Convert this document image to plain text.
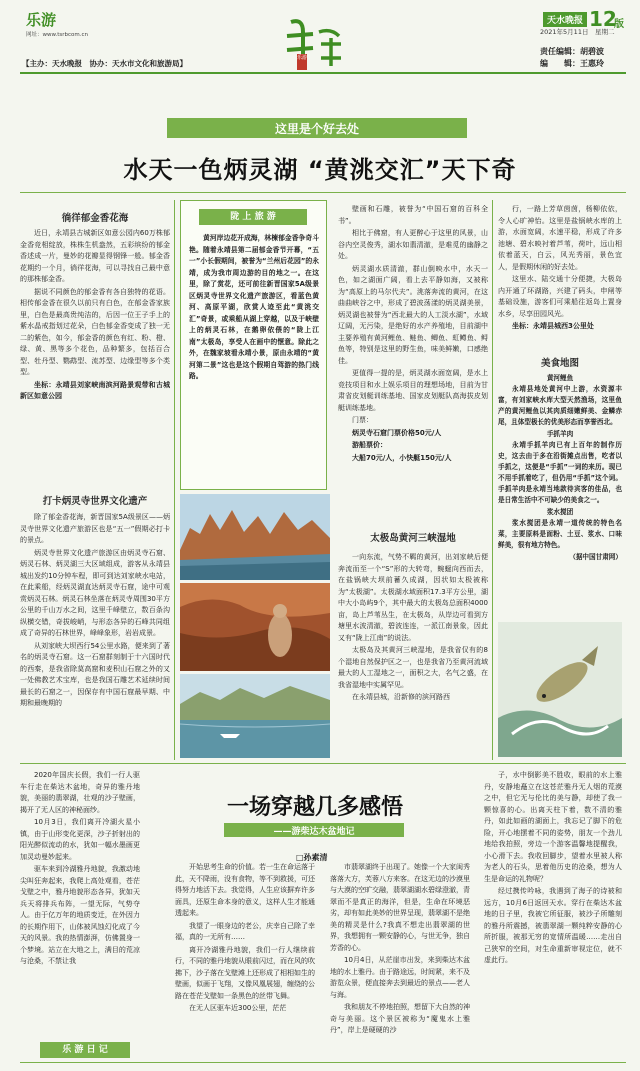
乐游
网址：www.tsrbcom.cn
【主办：天水晚报　协办：天水市文化和旅游局】
乐游
天水晚报 12
版
2021年5月11日　星期二
责任编辑：胡碧波
编　　辑：王惠玲
这里是个好去处
水天一色炳灵湖 “黄洮交汇”天下奇
徜徉郁金香花海

近日，永靖县古城新区如意公园内60万株郁金香竞相绽放，株株生机盎然，五彩缤纷的郁金香述成一片，曼妙的花瓣显得钢锋一般。郁金香花期约一个月，徜徉花海，可以寻找自己最中意的那株郁金香。

据说不同颜色的郁金香有各自独特的花语。相传郁金香在很久以前只有白色，在郁金香家族里，白色是最高贵纯洁的，后因一位王子手上的紫水晶戒指划过花朵，白色郁金香变成了独一无二的紫色，如今，郁金香的颜色有红、粉、橙、绿、黄、黑等多个花色，品种繁多，包括百合型、牡丹型、鹦鹉型、流苏型、边缘型等多个类型。

坐标：永靖县刘家峡南滨河路景观带和古城新区如意公园

打卡炳灵寺世界文化遗产

除了郁金香花海，新晋国家5A级景区——炳灵寺世界文化遗产旅游区也是“五一”假期必打卡的景点。

炳灵寺世界文化遗产旅游区由炳灵寺石窟、炳灵石林、炳灵湖三大区域组成，游客从永靖县城出发约10分钟车程，即可到达刘家峡水电站，在此乘船，经炳灵湖直达炳灵寺石窟，途中可观赏炳灵石林。炳灵石林坐落在炳灵寺周围30平方公里的千山万水之间，这里千峰壁立，数百条沟纵横交错，奇拔峻峭，与形态各异的石峰共同组成了奇异的石林世界，峰峰象形，岩岩成景。

从刘家峡大坝西行54公里水路，便来到了著名的炳灵寺石窟。这一石窟群刻制于十六国时代的西秦，是我省除莫高窟和麦积山石窟之外的又一处佛教艺术宝库，也是我国石雕艺术延续时间最长的石窟之一，因保存有中国石窟最早期、中期和最晚期的

陇 上 旅 游

黄河岸边花开成海，林楝郁金香争奇斗艳。随着永靖县第二届郁金香节开幕，“五一”小长假期间，被誉为“兰州后花园”的永靖，成为我市周边游的目的地之一。在这里，除了赏花，还可前往新晋国家5A级景区炳灵寺世界文化遗产旅游区，看蓝色黄河、高原平湖，欣赏人迹至此“黄洮交汇”奇景，或乘船从湖上穿越，以及于峡壁上的炳灵石林，在鹅卵依偎的“陇上江南”太极岛，享受人在画中的惬意。除此之外，在魏家坡看永靖小景，原由永靖的“黄河第二景”这也是这个假期自驾游的热门线路。

壁画和石雕，被誉为“中国石窟的百科全书”。

相比于佛窟，有人更醉心于这里的风景，山谷内空灵俊秀，湖水如翡清澈，是难觅的幽静之处。

炳灵湖水质清澈，群山倒映水中，水天一色，如之湖面广阔，看上去平静如海，又被称为“高原上的马尔代夫”。洮落奔流的黄河，在这曲曲峡谷之中，形成了碧波荡漾的炳灵湖美景，炳灵湖也被誉为“西北最大的人工淡水湖”，水域辽阔，无污染，是绝好的水产养殖地，目前湖中主要养殖有黄河鲤鱼、鲢鱼、鲫鱼、虹鳟鱼、鲟鱼等，特别是这里的野生鱼，味美鲜嫩，口感绝佳。

更值得一提的是，炳灵湖水面宽阔，是水上竞技项目和水上娱乐项目的理想场地，目前为甘肃省皮划艇训练基地、国家皮划艇队高海拔皮划艇训练基地。

门票：

炳灵寺石窟门票价格50元/人

游船票价：

大船70元/人，小快艇150元/人

太极岛黄河三峡湿地

一向东流，气势不羁的黄河，出刘家峡后便奔流而至一个“S”形的大转弯，蜿蜒向西而去，在盐锅峡大坝前蓄久成湖，因状如太极被称为“太极湖”。太极湖水域面积17.3平方公里，湖中大小岛屿9个，其中最大的太极岛总面积4000亩，岛上芦苇丛生，在太极岛，从岸边可看到方塘里水波清澈，碧波连连，一派江南景象，因此又有“陇上江南”的说法。

太极岛及其黄河三峡湿地，是我省仅有的8个湿地自然保护区之一，也是我省乃至黄河流域最大的人工湿地之一，面积之大，名气之盛，在我省湿地中实属罕见。

在永靖县城，沿新修的滨河路西

行，一路上芳草茵茵，杨柳依依，令人心旷神怡。这里是盐锅峡水库的上游，水面宽阔，水速平稳，形成了许多池塘、碧水映衬着芦苇，荷叶，远山相依着蓝天，白云，风光秀丽，景色宜人，是假期休闲的好去处。

这里水、陆交通十分便捷，大极岛内开通了环湖路，兴建了码头，申闸等基础设施，游客们可乘船往返岛上置身水乡，尽享田园风光。

坐标：永靖县城西3公里处

美食地图
黄河鲤鱼

永靖县地处黄河中上游，水资源丰富，有刘家峡水库大型天然渔场，这里鱼产的黄河鲤鱼以其肉质细嫩鲜美、金鳞赤尾，且体型极长的优美形态而享誉西北。

手抓羊肉

永靖手抓羊肉已有上百年的制作历史，这去由于多在沿街摊点出售，吃者以手抓之，这便是“手抓”一词的来历。现已不用手抓着吃了，但仍用“手抓”这个词。手抓羊肉是永靖当地款待宾客的佳品，也是日常生活中不可缺少的美食之一。

浆水搅团

浆水搅团是永靖一道传统的特色名菜，主要原料是面粉、土豆、浆水、口味鲜美，很有地方特色。

（据中国甘肃网）

2020年国庆长假，我们一行人驱车行走在柴达木盆地，奇异的雅丹地貌，美丽的翡翠湖，壮观的沙子壁画，揭开了无人区的神秘面纱。

10月3日，我们离开冷湖火星小镇，由于山形变化更深，沙子折射出的阳光醉似流动的水，犹如一幅水墨画更加灵动曼妙起来。

驱车来到冷湖雅丹地貌，我激动地尖叫狂奔起来，我爬上高处观看，苍茫戈壁之中，雅丹地貌形态各异，犹如天兵天将排兵布阵，一望无际，气势夺人。由于亿万年的地质变迁，在外因力的长期作用下，山体被风蚀幻化成了今天的风景。我的热情澎湃，仿佛置身一个梦境。站立在大地之上，满目的荒凉与沧桑，不禁让我

一场穿越几多感悟
——游柴达木盆地记
□孙素清

开始思考生命的价值。若一生在命运落于此，天不降雨，没有食物，等不到救援，可还得努力地活下去。我觉得，人生应该摒弃许多面具，还原生命本身的意义，这样人生才能通透起来。

我望了一眼身边的老公，庆幸自己除了幸福，真的一无所有……

离开冷湖雅丹地貌，我们一行人继续前行，不同的雅丹地貌从眼前闪过，而在风的吹拂下，沙子落在戈壁滩上还形成了相相如生的壁画，似画于飞翔，又像风凰展翅，缠绕的公路在苍茫戈壁如一条黑色的丝带飞舞。

在无人区驱车近300公里，茫茫

市翡翠湖终于出现了。她像一个大家闺秀落落大方，芙蓉八方来客。在这无边的沙漠里与大漠的空旷交融，翡翠湖湖水碧绿澄澈，青翠而不是真正的海洋，但是，生命在环境恶劣，却有如此美妙的世界呈现，翡翠湖不是绝美的精灵是什么?我真不想走出翡翠湖的世界，我想拥有一颗安静的心，与世无争，独自芳香的心。

10月4日，从茫崖市出发，来到柴达木盆地的水上雅丹。由于路途远，时间紧，来不及游览众景，便直接奔去到最近的景点——老人与海。

我和朋友不停地拍照，想留下大自然的神奇与美丽。这个景区被称为“魔鬼水上雅丹”，岸上是硬硬的沙

子，水中倒影美不胜收，眼前的水上雅丹，安静地矗立在这苍茫雅丹无人烟的荒漠之中，但它无与伦比的美与静，却使了我一颗惊喜的心。出离天柱下着，数不清的雅丹，如此如画的湖面上，我忘记了脚下的危险，开心地摆着不同的姿势，朋友一个劲儿地给我拍照，旁边一个游客温馨地提醒我，小心滑下去。我收回脚步，望着水里被人称为老人的石头，思着他历史的沧桑，想为人生是命运的礼物呢？

经过携传吟咏，我遇到了海子的诗被和远方，10月6日返回天水。穿行在柴达木盆地的日子里，我被它所征服，被沙子所雕刻的雅丹所震撼，被翡翠湖一颗纯粹安静的心所折服，被那无穷的宽情所温暖……走出自己狭窄的空间，对生命重新审视定位，就不虚此行。

乐 游 日 记
